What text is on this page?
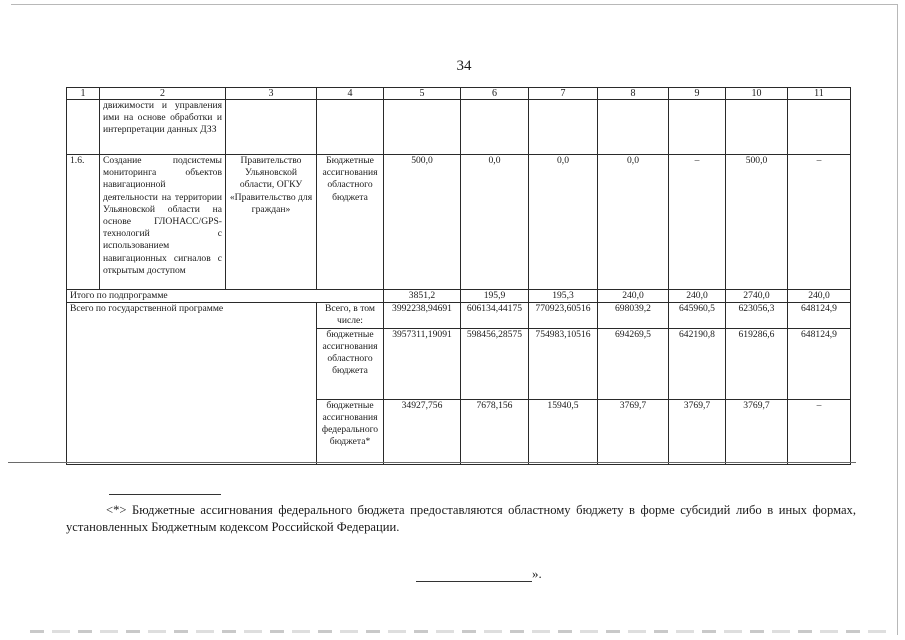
34
1	2	3	4	5	6	7	8	9	10	11
	движимости и управления ими на основе обработки и интерпретации данных ДЗЗ									
1.6.	Создание подсистемы мониторинга объектов навигационной деятельности на территории Ульяновской области на основе ГЛОНАСС/GPS-технологий с использованием навигационных сигналов с открытым доступом	Правительство Ульяновской области, ОГКУ «Правительство для граждан»	Бюджетные ассигнования областного бюджета	500,0	0,0	0,0	0,0	–	500,0	–
Итого по подпрограмме				3851,2	195,9	195,3	240,0	240,0	2740,0	240,0
Всего по государственной программе			Всего, в том числе:	3992238,94691	606134,44175	770923,60516	698039,2	645960,5	623056,3	648124,9
			бюджетные ассигнования областного бюджета	3957311,19091	598456,28575	754983,10516	694269,5	642190,8	619286,6	648124,9
			бюджетные ассигнования федерального бюджета*	34927,756	7678,156	15940,5	3769,7	3769,7	3769,7	–
<*> Бюджетные ассигнования федерального бюджета предоставляются областному бюджету в форме субсидий либо в иных формах, установленных Бюджетным кодексом Российской Федерации.
».
